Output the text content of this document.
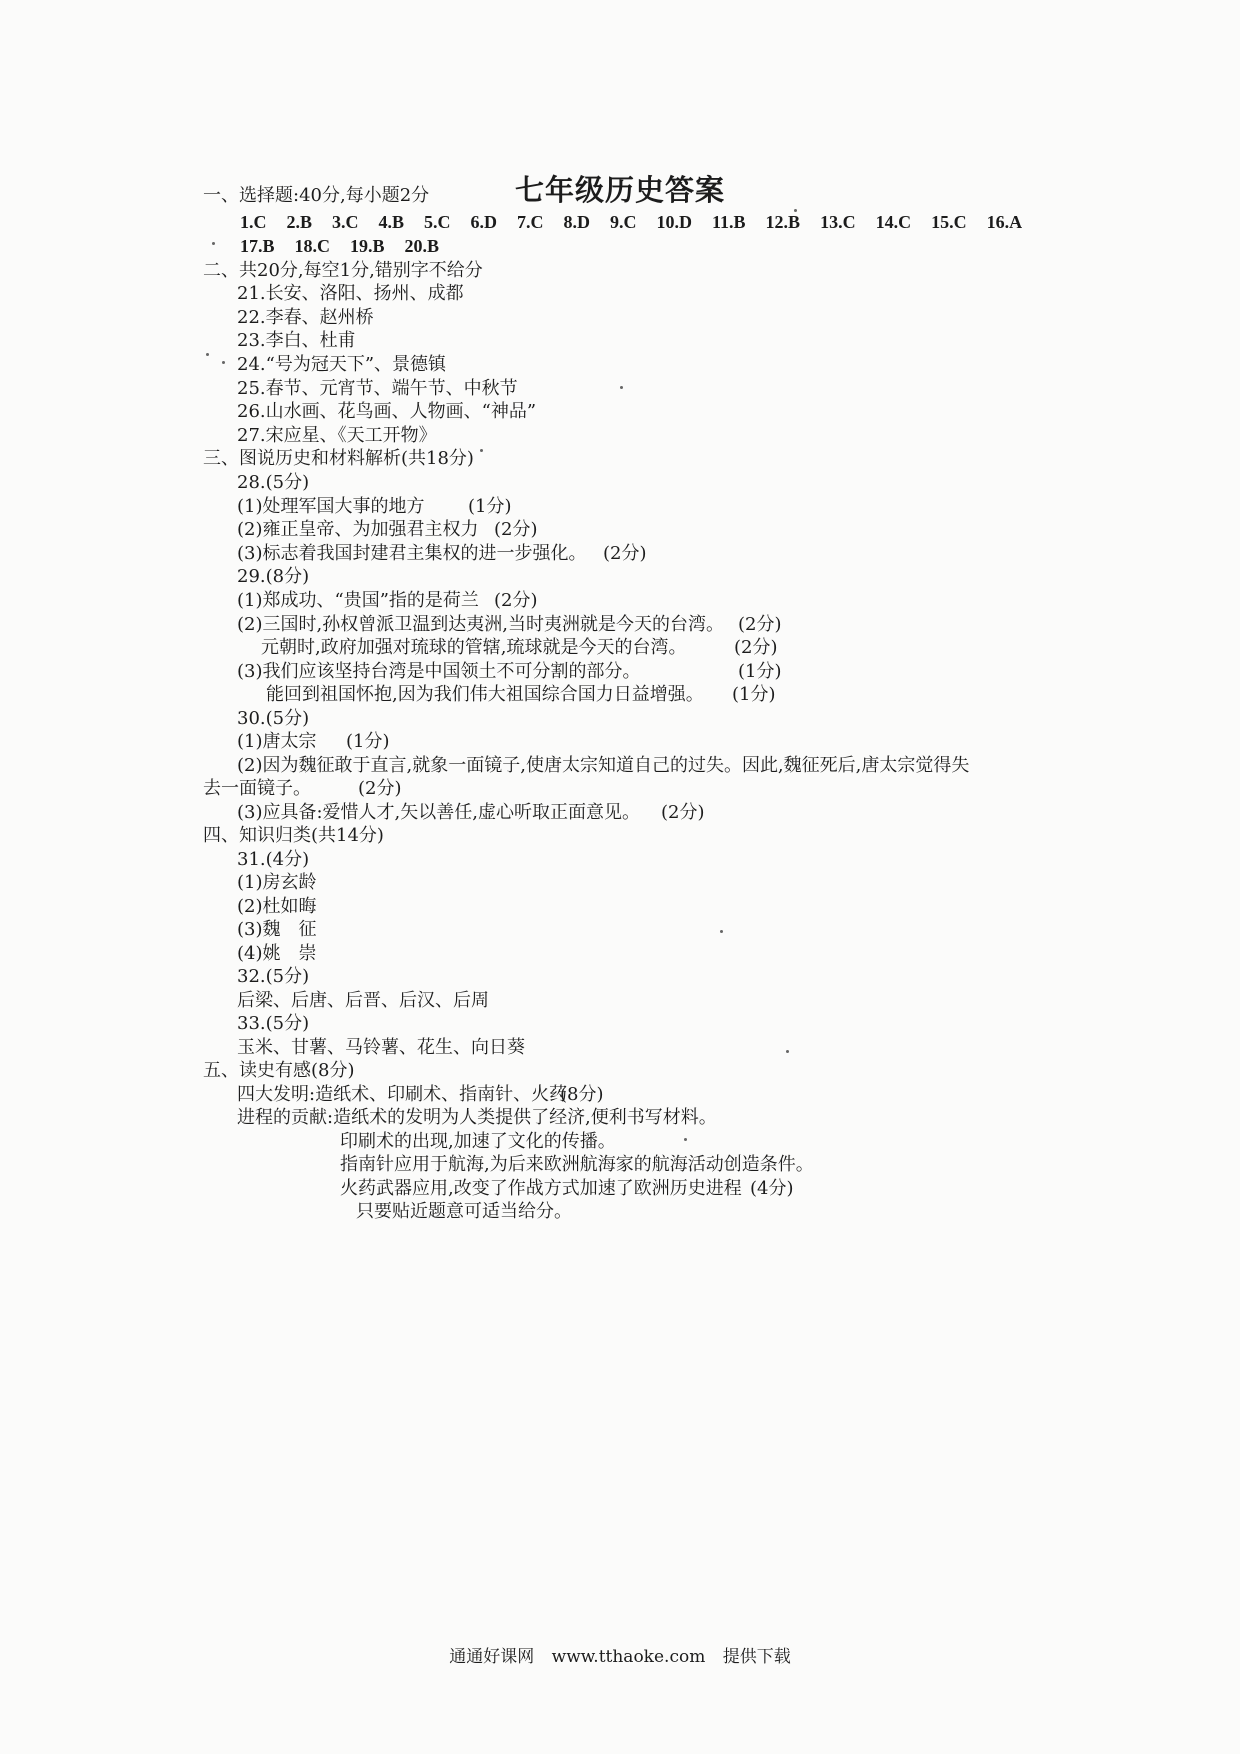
七年级历史答案
一、选择题:40分,每小题2分
1.C 2.B 3.C 4.B 5.C 6.D 7.C 8.D 9.C 10.D 11.B 12.B 13.C 14.C 15.C 16.A
17.B 18.C 19.B 20.B
二、共20分,每空1分,错别字不给分
21.长安、洛阳、扬州、成都
22.李春、赵州桥
23.李白、杜甫
24.“号为冠天下”、景德镇
25.春节、元宵节、端午节、中秋节
26.山水画、花鸟画、人物画、“神品”
27.宋应星、《天工开物》
三、图说历史和材料解析(共18分)
28.(5分)
(1)处理军国大事的地方 (1分)
(2)雍正皇帝、为加强君主权力 (2分)
(3)标志着我国封建君主集权的进一步强化。 (2分)
29.(8分)
(1)郑成功、“贵国”指的是荷兰 (2分)
(2)三国时,孙权曾派卫温到达夷洲,当时夷洲就是今天的台湾。 (2分)
元朝时,政府加强对琉球的管辖,琉球就是今天的台湾。	(2分)
(3)我们应该坚持台湾是中国领土不可分割的部分。	(1分)
能回到祖国怀抱,因为我们伟大祖国综合国力日益增强。 (1分)
30.(5分)
(1)唐太宗 (1分)
(2)因为魏征敢于直言,就象一面镜子,使唐太宗知道自己的过失。因此,魏征死后,唐太宗觉得失
去一面镜子。	(2分)
(3)应具备:爱惜人才,矢以善任,虚心听取正面意见。 (2分)
四、知识归类(共14分)
31.(4分)
(1)房玄龄
(2)杜如晦
(3)魏　征
(4)姚　崇
32.(5分)
后梁、后唐、后晋、后汉、后周
33.(5分)
玉米、甘薯、马铃薯、花生、向日葵
五、读史有感(8分)
四大发明:造纸术、印刷术、指南针、火药
(8分)
进程的贡献:造纸术的发明为人类提供了经济,便利书写材料。
印刷术的出现,加速了文化的传播。
指南针应用于航海,为后来欧洲航海家的航海活动创造条件。
火药武器应用,改变了作战方式加速了欧洲历史进程 (4分)
只要贴近题意可适当给分。
通通好课网 www.tthaoke.com 提供下载
